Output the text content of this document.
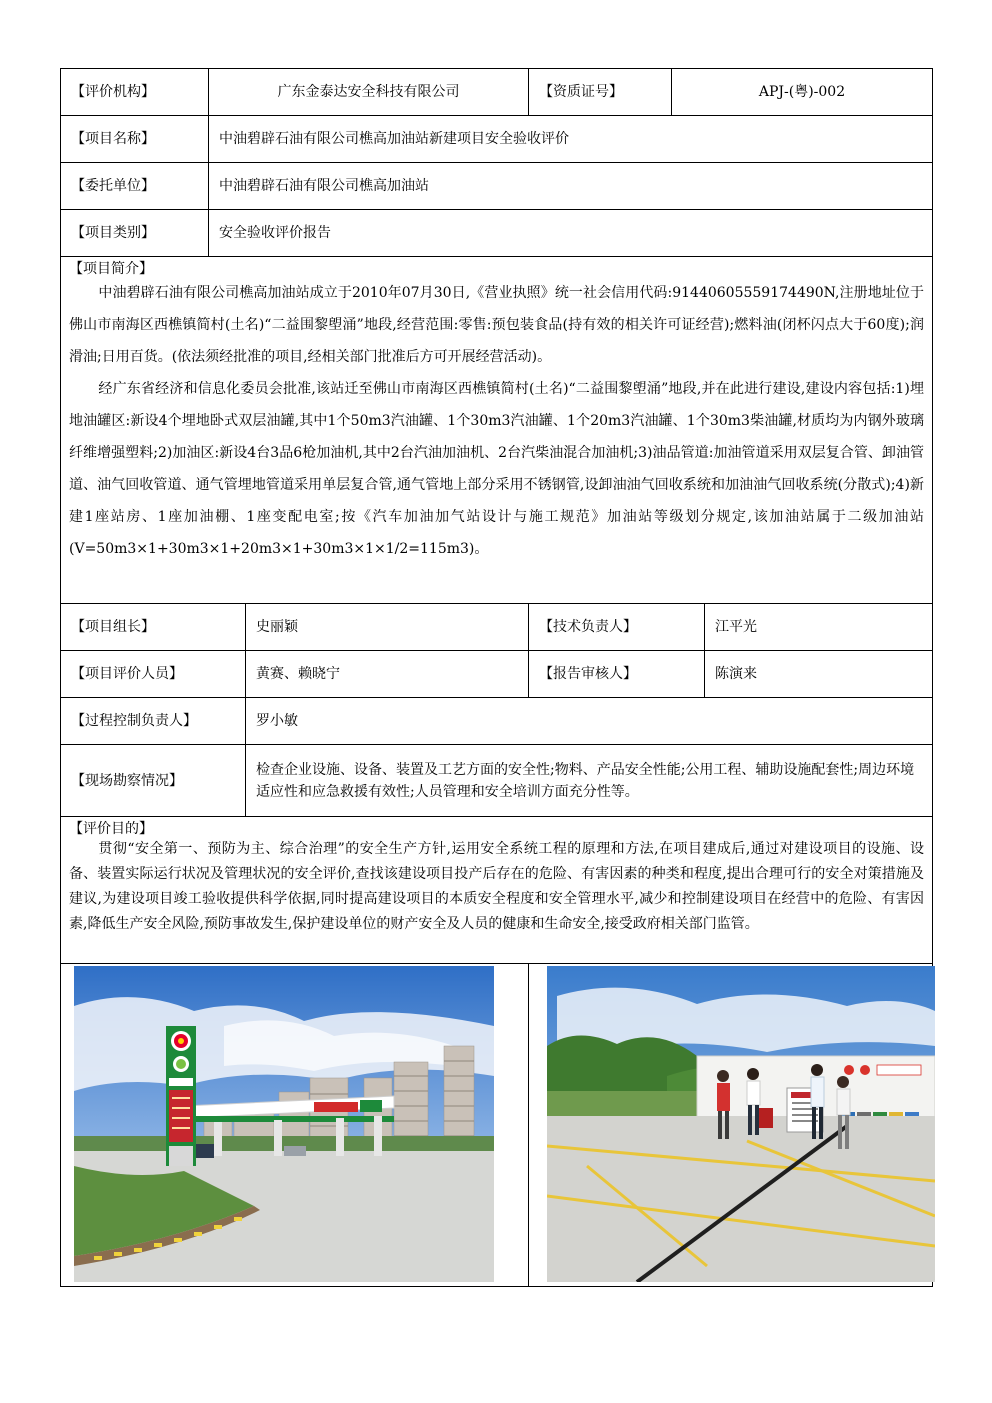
【评价机构】	广东金泰达安全科技有限公司		【资质证号】	APJ-(粤)-002	
【项目名称】	中油碧辟石油有限公司樵高加油站新建项目安全验收评价				
【委托单位】	中油碧辟石油有限公司樵高加油站				
【项目类别】	安全验收评价报告				

【项目简介】

中油碧辟石油有限公司樵高加油站成立于2010年07月30日,《营业执照》统一社会信用代码:91440605559174490N,注册地址位于佛山市南海区西樵镇简村(土名)“二益围黎塱涌”地段,经营范围:零售:预包装食品(持有效的相关许可证经营);燃料油(闭杯闪点大于60度);润滑油;日用百货。(依法须经批准的项目,经相关部门批准后方可开展经营活动)。

经广东省经济和信息化委员会批准,该站迁至佛山市南海区西樵镇简村(土名)“二益围黎塱涌”地段,并在此进行建设,建设内容包括:1)埋地油罐区:新设4个埋地卧式双层油罐,其中1个50m3汽油罐、1个30m3汽油罐、1个20m3汽油罐、1个30m3柴油罐,材质均为内钢外玻璃纤维增强塑料;2)加油区:新设4台3品6枪加油机,其中2台汽油加油机、2台汽柴油混合加油机;3)油品管道:加油管道采用双层复合管、卸油管道、油气回收管道、通气管埋地管道采用单层复合管,通气管地上部分采用不锈钢管,设卸油油气回收系统和加油油气回收系统(分散式);4)新建1座站房、1座加油棚、1座变配电室;按《汽车加油加气站设计与施工规范》加油站等级划分规定,该加油站属于二级加油站(V=50m3×1+30m3×1+20m3×1+30m3×1×1/2=115m3)。					

【项目组长】		史丽颖	【技术负责人】		江平光
【项目评价人员】		黄赛、赖晓宁	【报告审核人】		陈演来
【过程控制负责人】		罗小敏			
【现场勘察情况】		检查企业设施、设备、装置及工艺方面的安全性;物料、产品安全性能;公用工程、辅助设施配套性;周边环境适应性和应急救援有效性;人员管理和安全培训方面充分性等。			

【评价目的】

贯彻“安全第一、预防为主、综合治理”的安全生产方针,运用安全系统工程的原理和方法,在项目建成后,通过对建设项目的设施、设备、装置实际运行状况及管理状况的安全评价,查找该建设项目投产后存在的危险、有害因素的种类和程度,提出合理可行的安全对策措施及建议,为建设项目竣工验收提供科学依据,同时提高建设项目的本质安全程度和安全管理水平,减少和控制建设项目在经营中的危险、有害因素,降低生产安全风险,预防事故发生,保护建设单位的财产安全及人员的健康和生命安全,接受政府相关部门监管。					
